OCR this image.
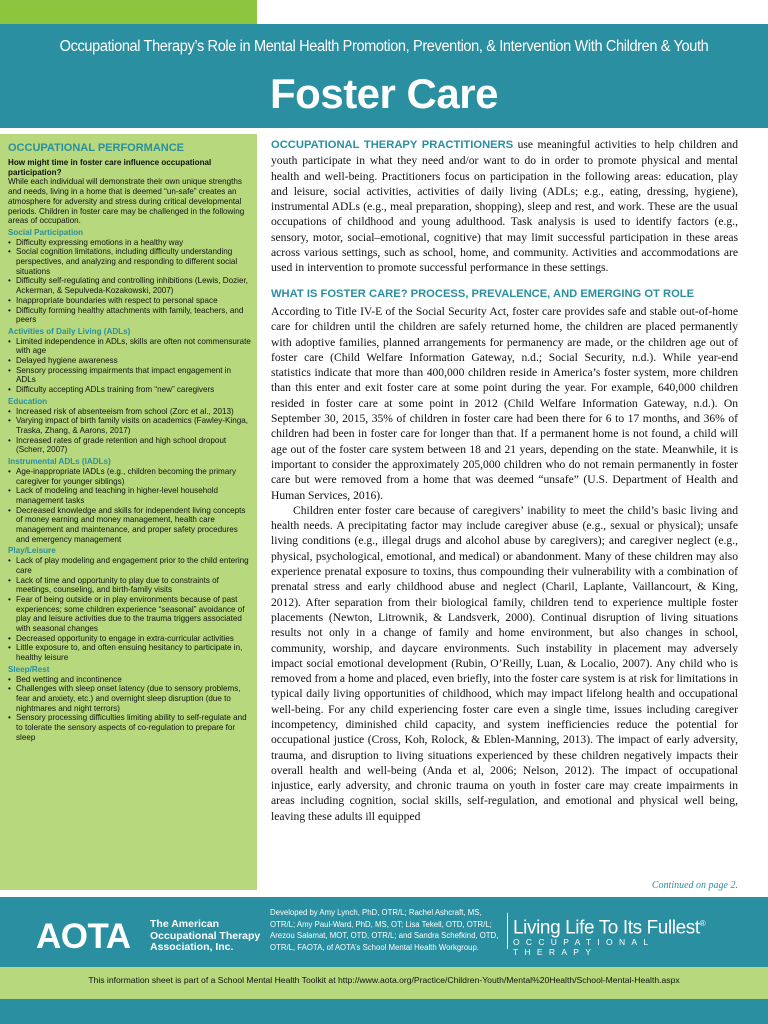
Occupational Therapy’s Role in Mental Health Promotion, Prevention, & Intervention With Children & Youth
Foster Care
OCCUPATIONAL PERFORMANCE

How might time in foster care influence occupational participation?

While each individual will demonstrate their own unique strengths and needs, living in a home that is deemed “un-safe” creates an atmosphere for adversity and stress during critical developmental periods. Children in foster care may be challenged in the following areas of occupation.

Social Participation
• Difficulty expressing emotions in a healthy way
• Social cognition limitations, including difficulty understanding perspectives, and analyzing and responding to different social situations
• Difficulty self-regulating and controlling inhibitions (Lewis, Dozier, Ackerman, & Sepulveda-Kozakowski, 2007)
• Inappropriate boundaries with respect to personal space
• Difficulty forming healthy attachments with family, teachers, and peers
Activities of Daily Living (ADLs)
• Limited independence in ADLs, skills are often not commensurate with age
• Delayed hygiene awareness
• Sensory processing impairments that impact engagement in ADLs
• Difficulty accepting ADLs training from “new” caregivers
Education
• Increased risk of absenteeism from school (Zorc et al., 2013)
• Varying impact of birth family visits on academics (Fawley-Kinga, Traska, Zhang, & Aarons, 2017)
• Increased rates of grade retention and high school dropout (Scherr, 2007)
Instrumental ADLs (IADLs)
• Age-inappropriate IADLs (e.g., children becoming the primary caregiver for younger siblings)
• Lack of modeling and teaching in higher-level household management tasks
• Decreased knowledge and skills for independent living concepts of money earning and money management, health care management and maintenance, and proper safety procedures and emergency management
Play/Leisure
• Lack of play modeling and engagement prior to the child entering care
• Lack of time and opportunity to play due to constraints of meetings, counseling, and birth-family visits
• Fear of being outside or in play environments because of past experiences; some children experience “seasonal” avoidance of play and leisure activities due to the trauma triggers associated with seasonal changes
• Decreased opportunity to engage in extra-curricular activities
• Little exposure to, and often ensuing hesitancy to participate in, healthy leisure
Sleep/Rest
• Bed wetting and incontinence
• Challenges with sleep onset latency (due to sensory problems, fear and anxiety, etc.) and overnight sleep disruption (due to nightmares and night terrors)
• Sensory processing difficulties limiting ability to self-regulate and to tolerate the sensory aspects of co-regulation to prepare for sleep

OCCUPATIONAL THERAPY PRACTITIONERS use meaningful activities to help children and youth participate in what they need and/or want to do in order to promote physical and mental health and well-being. Practitioners focus on participation in the following areas: education, play and leisure, social activities, activities of daily living (ADLs; e.g., eating, dressing, hygiene), instrumental ADLs (e.g., meal preparation, shopping), sleep and rest, and work. These are the usual occupations of childhood and young adulthood. Task analysis is used to identify factors (e.g., sensory, motor, social–emotional, cognitive) that may limit successful participation in these areas across various settings, such as school, home, and community. Activities and accommodations are used in intervention to promote successful performance in these settings.

WHAT IS FOSTER CARE? PROCESS, PREVALENCE, AND EMERGING OT ROLE

According to Title IV-E of the Social Security Act, foster care provides safe and stable out-of-home care for children until the children are safely returned home, the children are placed permanently with adoptive families, planned arrangements for permanency are made, or the children age out of foster care (Child Welfare Information Gateway, n.d.; Social Security, n.d.). While year-end statistics indicate that more than 400,000 children reside in America’s foster system, more children than this enter and exit foster care at some point during the year. For example, 640,000 children resided in foster care at some point in 2012 (Child Welfare Information Gateway, n.d.). On September 30, 2015, 35% of children in foster care had been there for 6 to 17 months, and 36% of children had been in foster care for longer than that. If a permanent home is not found, a child will age out of the foster care system between 18 and 21 years, depending on the state. Meanwhile, it is important to consider the approximately 205,000 children who do not remain permanently in foster care but were removed from a home that was deemed “unsafe” (U.S. Department of Health and Human Services, 2016).

Children enter foster care because of caregivers’ inability to meet the child’s basic living and health needs. A precipitating factor may include caregiver abuse (e.g., sexual or physical); unsafe living conditions (e.g., illegal drugs and alcohol abuse by caregivers); and caregiver neglect (e.g., physical, psychological, emotional, and medical) or abandonment. Many of these children may also experience prenatal exposure to toxins, thus compounding their vulnerability with a combination of prenatal stress and early childhood abuse and neglect (Charil, Laplante, Vaillancourt, & King, 2012). After separation from their biological family, children tend to experience multiple foster placements (Newton, Litrownik, & Landsverk, 2000). Continual disruption of living situations results not only in a change of family and home environment, but also changes in school, community, worship, and daycare environments. Such instability in placement may adversely impact social emotional development (Rubin, O’Reilly, Luan, & Localio, 2007). Any child who is removed from a home and placed, even briefly, into the foster care system is at risk for limitations in typical daily living opportunities of childhood, which may impact lifelong health and occupational well-being. For any child experiencing foster care even a single time, issues including caregiver incompetency, diminished child capacity, and system inefficiencies reduce the potential for occupational justice (Cross, Koh, Rolock, & Eblen-Manning, 2013). The impact of early adversity, trauma, and disruption to living situations experienced by these children negatively impacts their overall health and well-being (Anda et al, 2006; Nelson, 2012). The impact of occupational injustice, early adversity, and chronic trauma on youth in foster care may create impairments in areas including cognition, social skills, self-regulation, and emotional and physical well being, leaving these adults ill equipped

Continued on page 2.
AOTA The American Occupational Therapy Association, Inc.
Developed by Amy Lynch, PhD, OTR/L; Rachel Ashcraft, MS, OTR/L; Amy Paul-Ward, PhD, MS, OT; Lisa Tekell, OTD, OTR/L; Arezou Salamat, MOT, OTD, OTR/L; and Sandra Schefkind, OTD, OTR/L, FAOTA, of AOTA’s School Mental Health Workgroup.
Living Life To Its Fullest®
OCCUPATIONAL THERAPY
This information sheet is part of a School Mental Health Toolkit at http://www.aota.org/Practice/Children-Youth/Mental%20Health/School-Mental-Health.aspx
